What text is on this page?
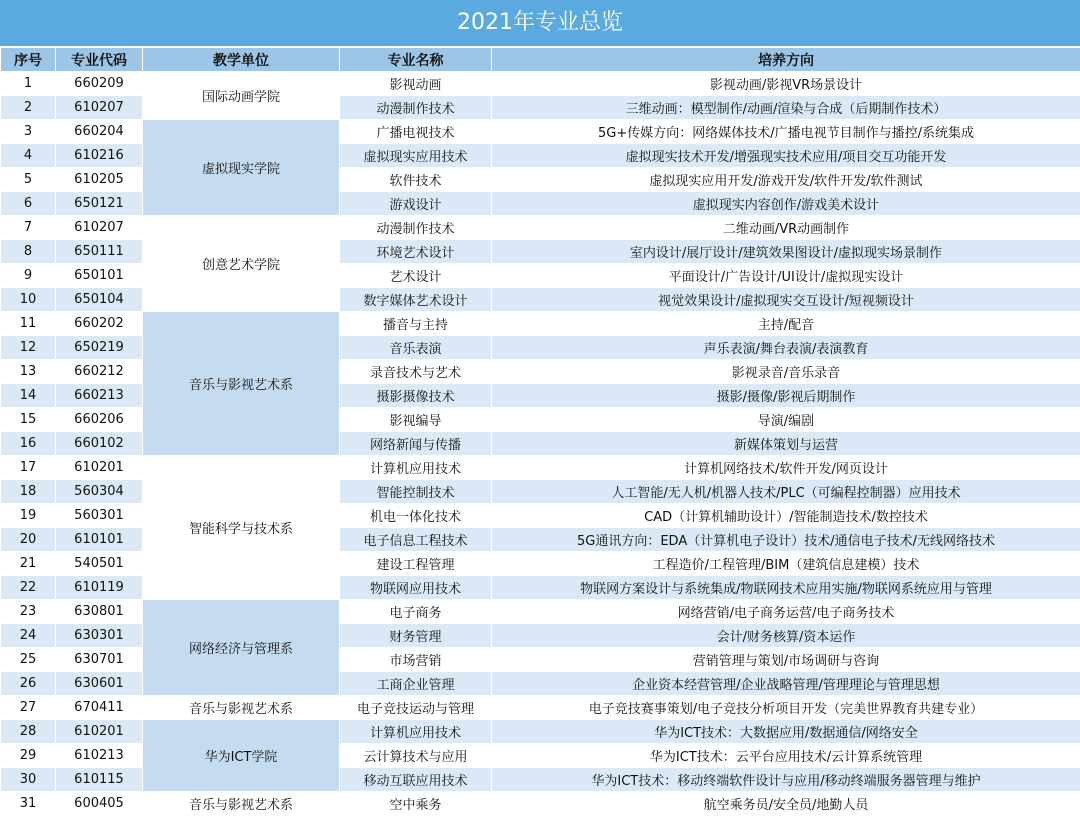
2021年专业总览
序号	专业代码	教学单位	专业名称	培养方向
1	660209	国际动画学院	影视动画	影视动画/影视VR场景设计
2	610207		动漫制作技术	三维动画：模型制作/动画/渲染与合成（后期制作技术）
3	660204	虚拟现实学院	广播电视技术	5G+传媒方向：网络媒体技术/广播电视节目制作与播控/系统集成
4	610216		虚拟现实应用技术	虚拟现实技术开发/增强现实技术应用/项目交互功能开发
5	610205		软件技术	虚拟现实应用开发/游戏开发/软件开发/软件测试
6	650121		游戏设计	虚拟现实内容创作/游戏美术设计
7	610207	创意艺术学院	动漫制作技术	二维动画/VR动画制作
8	650111		环境艺术设计	室内设计/展厅设计/建筑效果图设计/虚拟现实场景制作
9	650101		艺术设计	平面设计/广告设计/UI设计/虚拟现实设计
10	650104		数字媒体艺术设计	视觉效果设计/虚拟现实交互设计/短视频设计
11	660202	音乐与影视艺术系	播音与主持	主持/配音
12	650219		音乐表演	声乐表演/舞台表演/表演教育
13	660212		录音技术与艺术	影视录音/音乐录音
14	660213		摄影摄像技术	摄影/摄像/影视后期制作
15	660206		影视编导	导演/编剧
16	660102		网络新闻与传播	新媒体策划与运营
17	610201	智能科学与技术系	计算机应用技术	计算机网络技术/软件开发/网页设计
18	560304		智能控制技术	人工智能/无人机/机器人技术/PLC（可编程控制器）应用技术
19	560301		机电一体化技术	CAD（计算机辅助设计）/智能制造技术/数控技术
20	610101		电子信息工程技术	5G通讯方向：EDA（计算机电子设计）技术/通信电子技术/无线网络技术
21	540501		建设工程管理	工程造价/工程管理/BIM（建筑信息建模）技术
22	610119		物联网应用技术	物联网方案设计与系统集成/物联网技术应用实施/物联网系统应用与管理
23	630801	网络经济与管理系	电子商务	网络营销/电子商务运营/电子商务技术
24	630301		财务管理	会计/财务核算/资本运作
25	630701		市场营销	营销管理与策划/市场调研与咨询
26	630601		工商企业管理	企业资本经营管理/企业战略管理/管理理论与管理思想
27	670411	音乐与影视艺术系	电子竞技运动与管理	电子竞技赛事策划/电子竞技分析项目开发（完美世界教育共建专业）
28	610201	华为ICT学院	计算机应用技术	华为ICT技术：大数据应用/数据通信/网络安全
29	610213		云计算技术与应用	华为ICT技术：云平台应用技术/云计算系统管理
30	610115		移动互联应用技术	华为ICT技术：移动终端软件设计与应用/移动终端服务器管理与维护
31	600405	音乐与影视艺术系	空中乘务	航空乘务员/安全员/地勤人员
